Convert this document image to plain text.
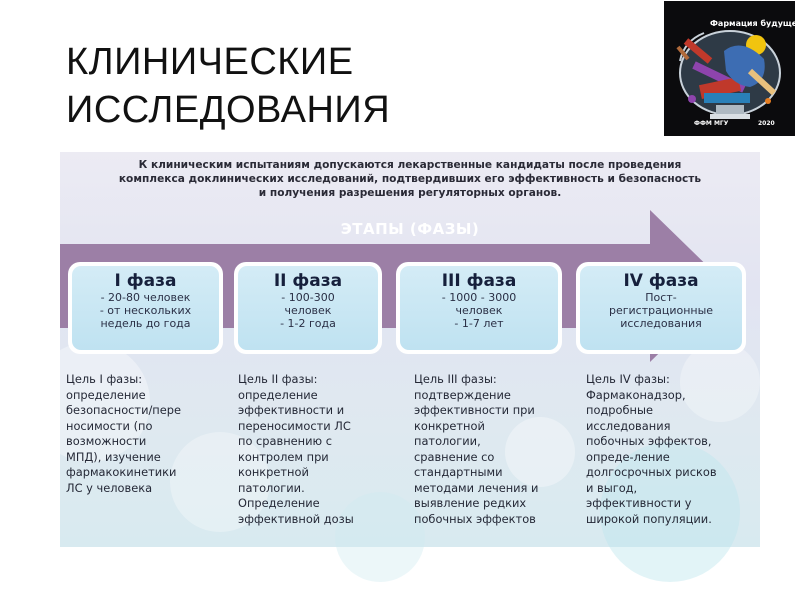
КЛИНИЧЕСКИЕ
ИССЛЕДОВАНИЯ
Фармация будущего
ФФМ МГУ	2020
К клиническим испытаниям допускаются лекарственные кандидаты после проведения
комплекса доклинических исследований, подтвердивших его эффективность и безопасность
и получения разрешения регуляторных органов.
ЭТАПЫ (ФАЗЫ)
I фаза
- 20-80 человек
- от нескольких
недель до года
II фаза
- 100-300
человек
- 1-2 года
III фаза
- 1000 - 3000
человек
- 1-7 лет
IV фаза
Пост-
регистрационные
исследования
Цель I фазы:
определение
безопасности/пере
носимости (по
возможности
МПД), изучение
фармакокинетики
ЛС у человека
Цель II фазы:
определение
эффективности и
переносимости ЛС
по сравнению с
контролем при
конкретной
патологии.
Определение
эффективной дозы
Цель III фазы:
подтверждение
эффективности при
конкретной
патологии,
сравнение со
стандартными
методами лечения и
выявление редких
побочных эффектов
Цель IV фазы:
Фармаконадзор,
подробные
исследования
побочных эффектов,
опреде-ление
долгосрочных рисков
и выгод,
эффективности у
широкой популяции.
